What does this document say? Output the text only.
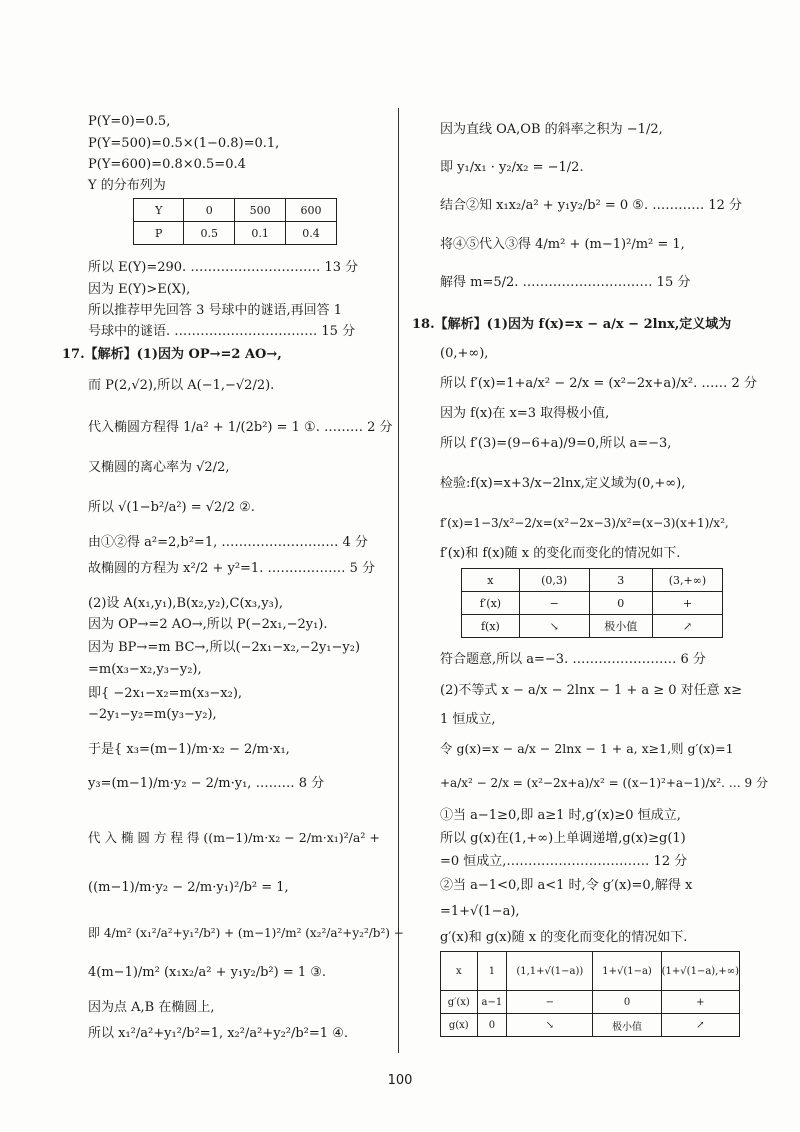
P(Y=0)=0.5,
P(Y=500)=0.5×(1−0.8)=0.1,
P(Y=600)=0.8×0.5=0.4
Y 的分布列为
Y	0	500	600
P	0.5	0.1	0.4
所以 E(Y)=290. ………………………… 13 分
因为 E(Y)>E(X),
所以推荐甲先回答 3 号球中的谜语,再回答 1
号球中的谜语. …………………………… 15 分
17.【解析】(1)因为 OP→=2 AO→,
而 P(2,√2),所以 A(−1,−√2/2).
代入椭圆方程得 1/a² + 1/(2b²) = 1 ①. ……… 2 分
又椭圆的离心率为 √2/2,
所以 √(1−b²/a²) = √2/2 ②.
由①②得 a²=2,b²=1, ……………………… 4 分
故椭圆的方程为 x²/2 + y²=1. ……………… 5 分
(2)设 A(x₁,y₁),B(x₂,y₂),C(x₃,y₃),
因为 OP→=2 AO→,所以 P(−2x₁,−2y₁).
因为 BP→=m BC→,所以(−2x₁−x₂,−2y₁−y₂)
=m(x₃−x₂,y₃−y₂),
即{ −2x₁−x₂=m(x₃−x₂),
−2y₁−y₂=m(y₃−y₂),
于是{ x₃=(m−1)/m·x₂ − 2/m·x₁,
y₃=(m−1)/m·y₂ − 2/m·y₁, ……… 8 分
代 入 椭 圆 方 程 得 ((m−1)/m·x₂ − 2/m·x₁)²/a² +
((m−1)/m·y₂ − 2/m·y₁)²/b² = 1,
即 4/m² (x₁²/a²+y₁²/b²) + (m−1)²/m² (x₂²/a²+y₂²/b²) −
4(m−1)/m² (x₁x₂/a² + y₁y₂/b²) = 1 ③.
因为点 A,B 在椭圆上,
所以 x₁²/a²+y₁²/b²=1, x₂²/a²+y₂²/b²=1 ④.
因为直线 OA,OB 的斜率之积为 −1/2,
即 y₁/x₁ · y₂/x₂ = −1/2.
结合②知 x₁x₂/a² + y₁y₂/b² = 0 ⑤. ………… 12 分
将④⑤代入③得 4/m² + (m−1)²/m² = 1,
解得 m=5/2. ………………………… 15 分
18.【解析】(1)因为 f(x)=x − a/x − 2lnx,定义域为
(0,+∞),
所以 f′(x)=1+a/x² − 2/x = (x²−2x+a)/x². …… 2 分
因为 f(x)在 x=3 取得极小值,
所以 f′(3)=(9−6+a)/9=0,所以 a=−3,
检验:f(x)=x+3/x−2lnx,定义域为(0,+∞),
f′(x)=1−3/x²−2/x=(x²−2x−3)/x²=(x−3)(x+1)/x²,
f′(x)和 f(x)随 x 的变化而变化的情况如下.
x	(0,3)	3	(3,+∞)
f′(x)	−	0	+
f(x)	↘	极小值	↗
符合题意,所以 a=−3. …………………… 6 分
(2)不等式 x − a/x − 2lnx − 1 + a ≥ 0 对任意 x≥
1 恒成立,
令 g(x)=x − a/x − 2lnx − 1 + a, x≥1,则 g′(x)=1
+a/x² − 2/x = (x²−2x+a)/x² = ((x−1)²+a−1)/x². … 9 分
①当 a−1≥0,即 a≥1 时,g′(x)≥0 恒成立,
所以 g(x)在(1,+∞)上单调递增,g(x)≥g(1)
=0 恒成立,…………………………… 12 分
②当 a−1<0,即 a<1 时,令 g′(x)=0,解得 x
=1+√(1−a),
g′(x)和 g(x)随 x 的变化而变化的情况如下.
x	1	(1,1+√(1−a))	1+√(1−a)	(1+√(1−a),+∞)
g′(x)	a−1	−	0	+
g(x)	0	↘	极小值	↗
100
